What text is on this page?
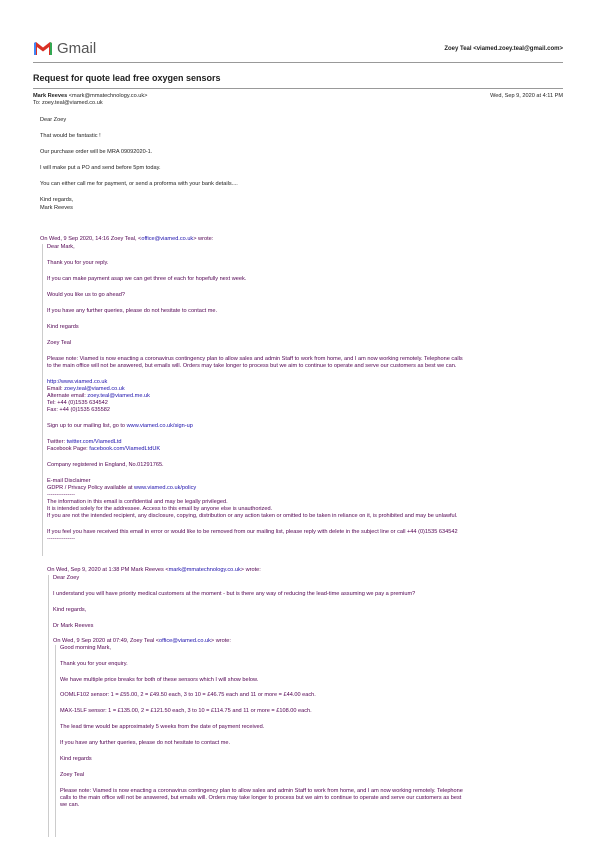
Gmail	Zoey Teal <viamed.zoey.teal@gmail.com>
Request for quote lead free oxygen sensors
Mark Reeves <mark@mmatechnology.co.uk>	Wed, Sep 9, 2020 at 4:11 PM
To: zoey.teal@viamed.co.uk
Dear Zoey
That would be fantastic !
Our purchase order will be MRA 09092020-1.
I will make put a PO and send before 5pm today.
You can either call me for payment, or send a proforma with your bank details....
Kind regards,
Mark Reeves
On Wed, 9 Sep 2020, 14:16 Zoey Teal, <office@viamed.co.uk> wrote:
Dear Mark,
Thank you for your reply.
If you can make payment asap we can get three of each for hopefully next week.
Would you like us to go ahead?
If you have any further queries, please do not hesitate to contact me.
Kind regards
Zoey Teal
Please note: Viamed is now enacting a coronavirus contingency plan to allow sales and admin Staff to work from home, and I am now working remotely. Telephone calls
to the main office will not be answered, but emails will. Orders may take longer to process but we aim to continue to operate and serve our customers as best we can.
http://www.viamed.co.uk
Email: zoey.teal@viamed.co.uk
Alternate email: zoey.teal@viamed.me.uk
Tel: +44 (0)1535 634542
Fax: +44 (0)1535 635582
Sign up to our mailing list, go to www.viamed.co.uk/sign-up
Twitter: twitter.com/ViamedLtd
Facebook Page: facebook.com/ViamedLtdUK
Company registered in England, No.01291765.
E-mail Disclaimer
GDPR / Privacy Policy available at www.viamed.co.uk/policy
---------------
The information in this email is confidential and may be legally privileged.
It is intended solely for the addressee. Access to this email by anyone else is unauthorized.
If you are not the intended recipient, any disclosure, copying, distribution or any action taken or omitted to be taken in reliance on it, is prohibited and may be unlawful.
If you feel you have received this email in error or would like to be removed from our mailing list, please reply with delete in the subject line or call +44 (0)1535 634542
---------------
On Wed, Sep 9, 2020 at 1:38 PM Mark Reeves <mark@mmatechnology.co.uk> wrote:
Dear Zoey
I understand you will have priority medical customers at the moment - but is there any way of reducing the lead-time assuming we pay a premium?
Kind regards,
Dr Mark Reeves
On Wed, 9 Sep 2020 at 07:49, Zoey Teal <office@viamed.co.uk> wrote:
Good morning Mark,
Thank you for your enquiry.
We have multiple price breaks for both of these sensors which I will show below.
OOMLF102 sensor: 1 = £55.00, 2 = £49.50 each, 3 to 10 = £46.75 each and 11 or more = £44.00 each.
MAX-15LF sensor: 1 = £135.00, 2 = £121.50 each, 3 to 10 = £114.75 and 11 or more = £108.00 each.
The lead time would be approximately 5 weeks from the date of payment received.
If you have any further queries, please do not hesitate to contact me.
Kind regards
Zoey Teal
Please note: Viamed is now enacting a coronavirus contingency plan to allow sales and admin Staff to work from home, and I am now working remotely. Telephone
calls to the main office will not be answered, but emails will. Orders may take longer to process but we aim to continue to operate and serve our customers as best
we can.
